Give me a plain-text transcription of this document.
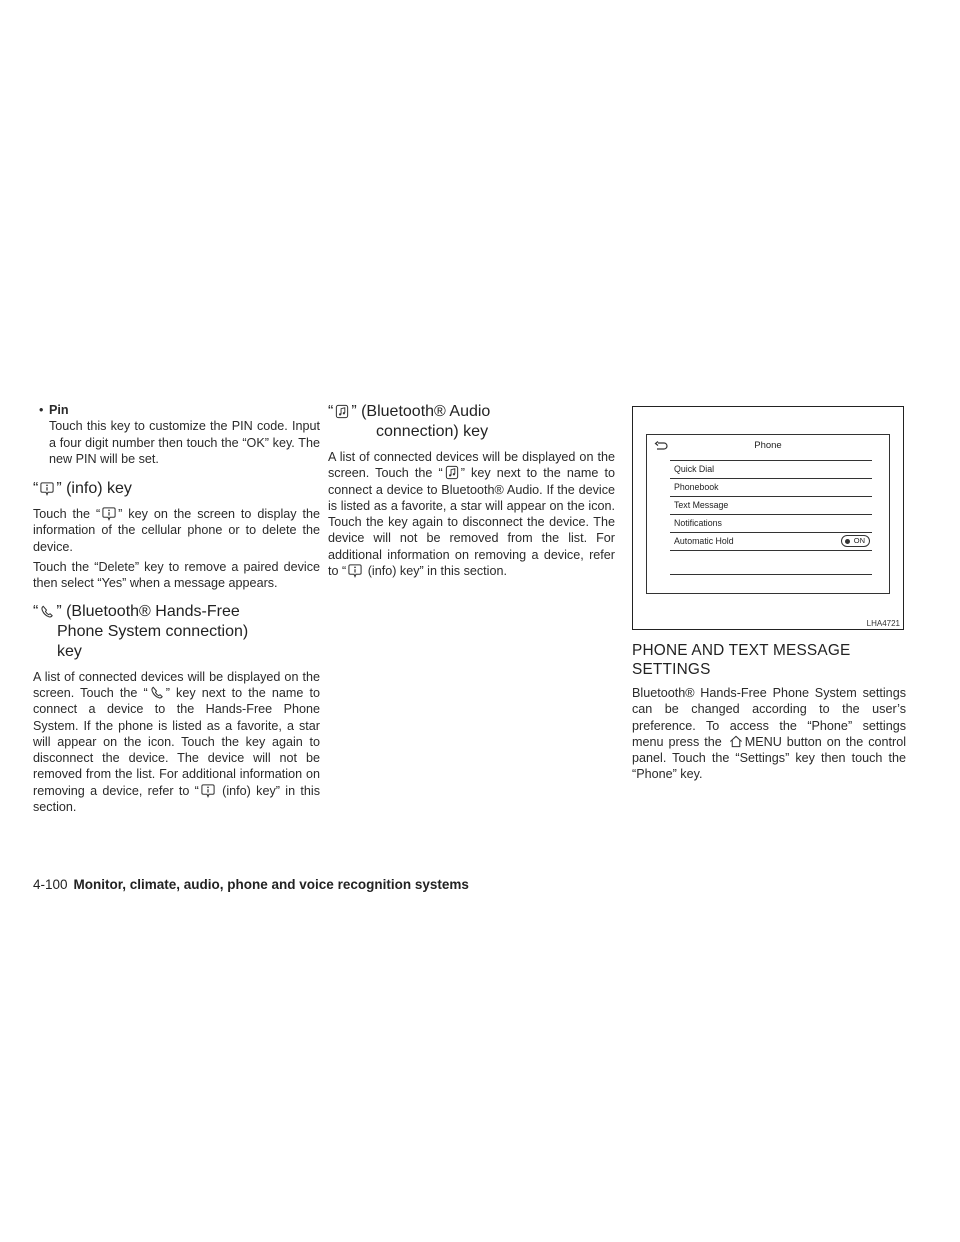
• Pin

Touch this key to customize the PIN code. Input a four digit number then touch the “OK” key. The new PIN will be set.

“ ” (info) key

Touch the “ ” key on the screen to display the information of the cellular phone or to delete the device.

Touch the “Delete” key to remove a paired device then select “Yes” when a message appears.

“ ” (Bluetooth® Hands-Free
Phone System connection)
key

A list of connected devices will be displayed on the screen. Touch the “ ” key next to the name to connect a device to the Hands-Free Phone System. If the phone is listed as a favorite, a star will appear on the icon. Touch the key again to disconnect the device. The device will not be removed from the list. For additional information on removing a device, refer to “ (info) key” in this section.

“ ” (Bluetooth® Audio
connection) key

A list of connected devices will be displayed on the screen. Touch the “ ” key next to the name to connect a device to Bluetooth® Audio. If the device is listed as a favorite, a star will appear on the icon. Touch the key again to disconnect the device. The device will not be removed from the list. For additional information on removing a device, refer to “ (info) key” in this section.

Phone
Quick Dial
Phonebook
Text Message
Notifications
Automatic Hold	ON
LHA4721
PHONE AND TEXT MESSAGE
SETTINGS

Bluetooth® Hands-Free Phone System settings can be changed according to the user’s preference. To access the “Phone” settings menu press the
MENU button on the control panel. Touch the “Settings” key then touch the “Phone” key.

4-100 Monitor, climate, audio, phone and voice recognition systems
